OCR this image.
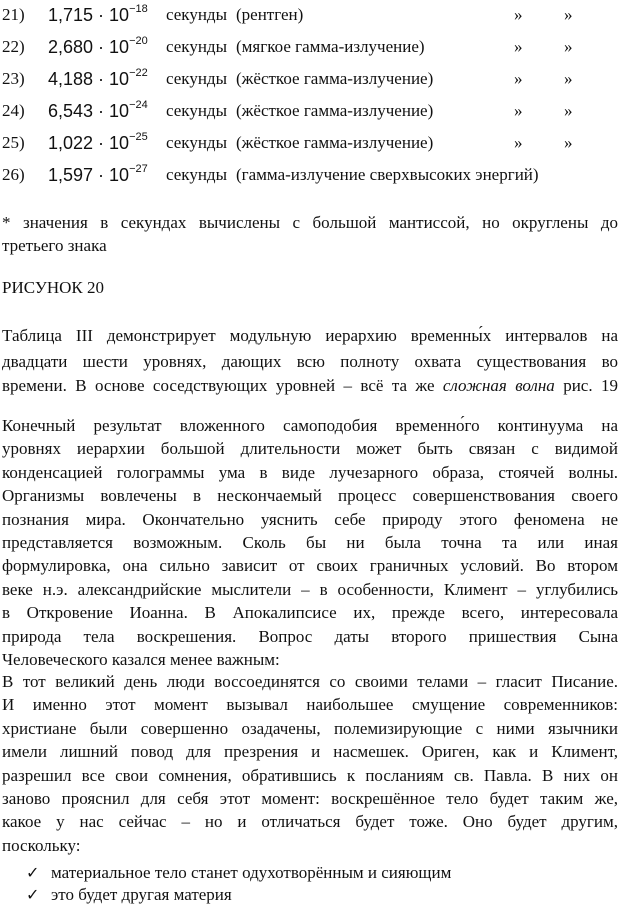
21) $1,715 \cdot 10^{-18}$ секунды (рентген)	» »
22) $2,680 \cdot 10^{-20}$ секунды (мягкое гамма-излучение)	» »
23) $4,188 \cdot 10^{-22}$ секунды (жёсткое гамма-излучение)	» »
24) $6,543 \cdot 10^{-24}$ секунды (жёсткое гамма-излучение)	» »
25) $1,022 \cdot 10^{-25}$ секунды (жёсткое гамма-излучение)	» »
26) $1,597 \cdot 10^{-27}$ секунды (гамма-излучение сверхвысоких энергий)
* значения в секундах вычислены с большой мантиссой, но округлены до
третьего знака
РИСУНОК 20
Таблица III демонстрирует модульную иерархию временны́х интервалов на
двадцати шести уровнях, дающих всю полноту охвата существования во
времени. В основе соседствующих уровней – всё та же сложная волна рис. 19
Конечный результат вложенного самоподобия временно́го континуума на
уровнях иерархии большой длительности может быть связан с видимой
конденсацией голограммы ума в виде лучезарного образа, стоячей волны.
Организмы вовлечены в нескончаемый процесс совершенствования своего
познания мира. Окончательно уяснить себе природу этого феномена не
представляется возможным. Сколь бы ни была точна та или иная
формулировка, она сильно зависит от своих граничных условий. Во втором
веке н.э. александрийские мыслители – в особенности, Климент – углубились
в Откровение Иоанна. В Апокалипсисе их, прежде всего, интересовала
природа тела воскрешения. Вопрос даты второго пришествия Сына
Человеческого казался менее важным:
В тот великий день люди воссоединятся со своими телами – гласит Писание.
И именно этот момент вызывал наибольшее смущение современников:
христиане были совершенно озадачены, полемизирующие с ними язычники
имели лишний повод для презрения и насмешек. Ориген, как и Климент,
разрешил все свои сомнения, обратившись к посланиям св. Павла. В них он
заново прояснил для себя этот момент: воскрешённое тело будет таким же,
какое у нас сейчас – но и отличаться будет тоже. Оно будет другим,
поскольку:
✓ материальное тело станет одухотворённым и сияющим
✓ это будет другая материя
